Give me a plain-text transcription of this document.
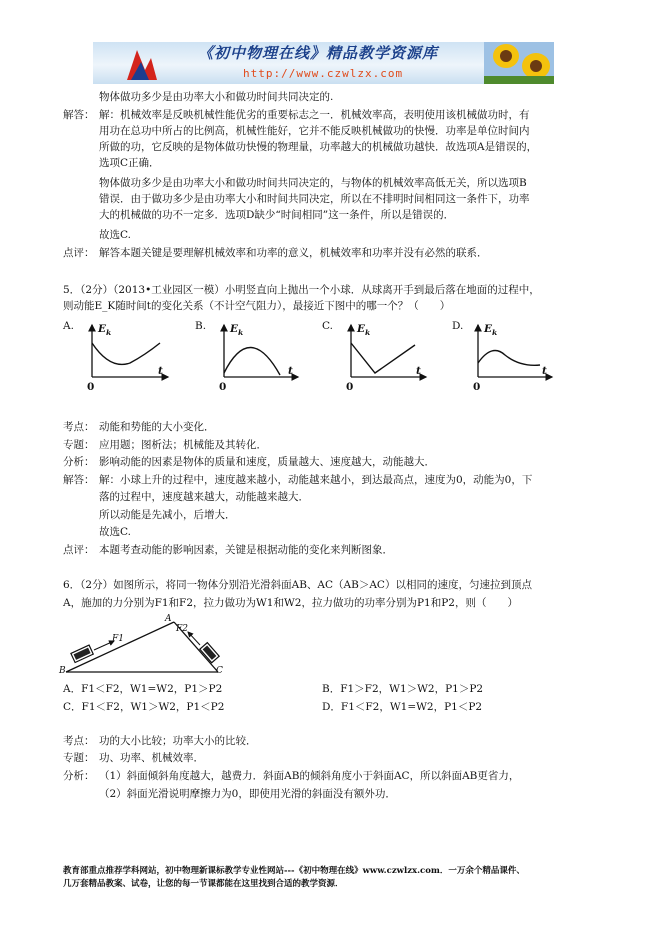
《初中物理在线》精品教学资源库
http://www.czwlzx.com
物体做功多少是由功率大小和做功时间共同决定的.
解答： 解：机械效率是反映机械性能优劣的重要标志之一．机械效率高，表明使用该机械做功时，有
用功在总功中所占的比例高，机械性能好，它并不能反映机械做功的快慢．功率是单位时间内
所做的功，它反映的是物体做功快慢的物理量，功率越大的机械做功越快．故选项A是错误的，
选项C正确．
物体做功多少是由功率大小和做功时间共同决定的，与物体的机械效率高低无关，所以选项B
错误．由于做功多少是由功率大小和时间共同决定，所以在不排明时间相同这一条件下，功率
大的机械做的功不一定多．选项D缺少“时间相同”这一条件，所以是错误的．
故选C.
点评： 解答本题关键是要理解机械效率和功率的意义，机械效率和功率并没有必然的联系．
5．（2分）（2013•工业园区一模）小明竖直向上抛出一个小球．从球离开手到最后落在地面的过程中，
则动能E_K随时间t的变化关系（不计空气阻力），最接近下图中的哪一个？（　　）
A.	B.	C.	D.
$E_k$	$E_k$	$E_k$	$E_k$
t	t	t	t
0	0	0	0
考点： 动能和势能的大小变化．
专题： 应用题；图析法；机械能及其转化．
分析： 影响动能的因素是物体的质量和速度，质量越大、速度越大，动能越大．
解答： 解：小球上升的过程中，速度越来越小，动能越来越小，到达最高点，速度为0，动能为0，下
落的过程中，速度越来越大，动能越来越大．
所以动能是先减小，后增大．
故选C.
点评： 本题考查动能的影响因素，关键是根据动能的变化来判断图象．
6．（2分）如图所示，将同一物体分别沿光滑斜面AB、AC（AB＞AC）以相同的速度，匀速拉到顶点
A，施加的力分别为F1和F2，拉力做功为W1和W2，拉力做功的功率分别为P1和P2，则（　　）
A
B	C
F1
F2
A．F1＜F2，W1=W2，P1＞P2	B．F1＞F2，W1＞W2，P1＞P2
C．F1＜F2，W1＞W2，P1＜P2	D．F1＜F2，W1=W2，P1＜P2
考点： 功的大小比较；功率大小的比较．
专题： 功、功率、机械效率．
分析： （1）斜面倾斜角度越大，越费力．斜面AB的倾斜角度小于斜面AC，所以斜面AB更省力，
（2）斜面光滑说明摩擦力为0，即使用光滑的斜面没有额外功．
教育部重点推荐学科网站，初中物理新课标教学专业性网站---《初中物理在线》www.czwlzx.com．一万余个精品课件、
几万套精品教案、试卷，让您的每一节课都能在这里找到合适的教学资源．
